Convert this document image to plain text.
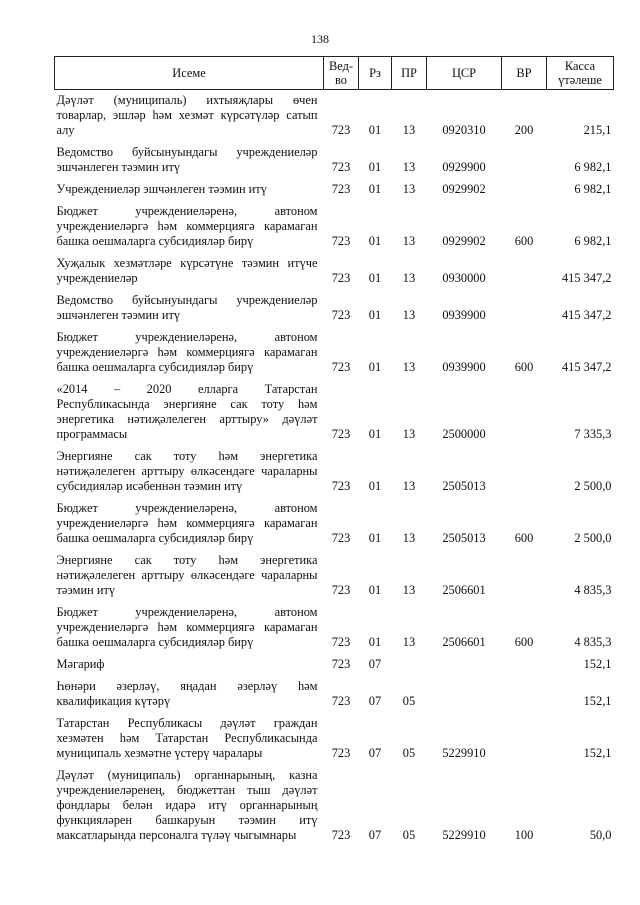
138
Исеме	Вед-во	Рз	ПР	ЦСР	ВР	Касса үтәлеше
Дәүләт (муниципаль) ихтыяҗлары өчен товарлар, эшләр һәм хезмәт күрсәтүләр сатып алу	723	01	13	0920310	200	215,1
Ведомство буйсынуындагы учреждениеләр эшчәнлеген тәэмин итү	723	01	13	0929900		6 982,1
Учреждениеләр эшчәнлеген тәэмин итү	723	01	13	0929902		6 982,1
Бюджет учреждениеләренә, автоном учреждениеләргә һәм коммерциягә карамаган башка оешмаларга субсидияләр бирү	723	01	13	0929902	600	6 982,1
Хуҗалык хезмәтләре күрсәтүне тәэмин итүче учреждениеләр	723	01	13	0930000		415 347,2
Ведомство буйсынуындагы учреждениеләр эшчәнлеген тәэмин итү	723	01	13	0939900		415 347,2
Бюджет учреждениеләренә, автоном учреждениеләргә һәм коммерциягә карамаган башка оешмаларга субсидияләр бирү	723	01	13	0939900	600	415 347,2
«2014 – 2020 елларга Татарстан Республикасында энергияне сак тоту һәм энергетика нәтиҗәлелеген арттыру» дәүләт программасы	723	01	13	2500000		7 335,3
Энергияне сак тоту һәм энергетика нәтиҗәлелеген арттыру өлкәсендәге чараларны субсидияләр исәбеннән тәэмин итү	723	01	13	2505013		2 500,0
Бюджет учреждениеләренә, автоном учреждениеләргә һәм коммерциягә карамаган башка оешмаларга субсидияләр бирү	723	01	13	2505013	600	2 500,0
Энергияне сак тоту һәм энергетика нәтиҗәлелеген арттыру өлкәсендәге чараларны тәэмин итү	723	01	13	2506601		4 835,3
Бюджет учреждениеләренә, автоном учреждениеләргә һәм коммерциягә карамаган башка оешмаларга субсидияләр бирү	723	01	13	2506601	600	4 835,3
Мәгариф	723	07				152,1
Һөнәри әзерләү, яңадан әзерләү һәм квалификация күтәрү	723	07	05			152,1
Татарстан Республикасы дәүләт граждан хезмәтен һәм Татарстан Республикасында муниципаль хезмәтне үстерү чаралары	723	07	05	5229910		152,1
Дәүләт (муниципаль) органнарының, казна учреждениеләренең, бюджеттан тыш дәүләт фондлары белән идарә итү органнарының функцияләрен башкаруын тәэмин итү максатларында персоналга түләү чыгымнары	723	07	05	5229910	100	50,0
